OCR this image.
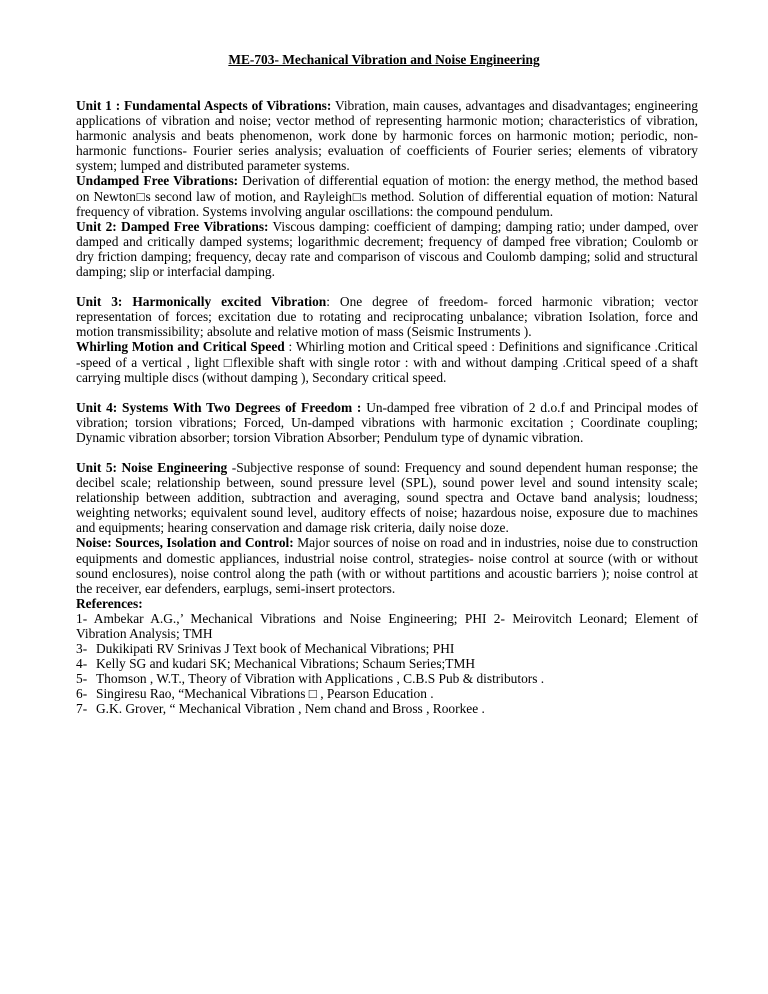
ME-703- Mechanical Vibration and Noise Engineering

Unit 1 : Fundamental Aspects of Vibrations: Vibration, main causes, advantages and disadvantages; engineering applications of vibration and noise; vector method of representing harmonic motion; characteristics of vibration, harmonic analysis and beats phenomenon, work done by harmonic forces on harmonic motion; periodic, non-harmonic functions- Fourier series analysis; evaluation of coefficients of Fourier series; elements of vibratory system; lumped and distributed parameter systems.

Undamped Free Vibrations: Derivation of differential equation of motion: the energy method, the method based on Newton□s second law of motion, and Rayleigh□s method. Solution of differential equation of motion: Natural frequency of vibration. Systems involving angular oscillations: the compound pendulum.

Unit 2: Damped Free Vibrations: Viscous damping: coefficient of damping; damping ratio; under damped, over damped and critically damped systems; logarithmic decrement; frequency of damped free vibration; Coulomb or dry friction damping; frequency, decay rate and comparison of viscous and Coulomb damping; solid and structural damping; slip or interfacial damping.

Unit 3: Harmonically excited Vibration: One degree of freedom- forced harmonic vibration; vector representation of forces; excitation due to rotating and reciprocating unbalance; vibration Isolation, force and motion transmissibility; absolute and relative motion of mass (Seismic Instruments ).

Whirling Motion and Critical Speed : Whirling motion and Critical speed : Definitions and significance .Critical -speed of a vertical , light □flexible shaft with single rotor : with and without damping .Critical speed of a shaft carrying multiple discs (without damping ), Secondary critical speed.

Unit 4: Systems With Two Degrees of Freedom : Un-damped free vibration of 2 d.o.f and Principal modes of vibration; torsion vibrations; Forced, Un-damped vibrations with harmonic excitation ; Coordinate coupling; Dynamic vibration absorber; torsion Vibration Absorber; Pendulum type of dynamic vibration.

Unit 5: Noise Engineering -Subjective response of sound: Frequency and sound dependent human response; the decibel scale; relationship between, sound pressure level (SPL), sound power level and sound intensity scale; relationship between addition, subtraction and averaging, sound spectra and Octave band analysis; loudness; weighting networks; equivalent sound level, auditory effects of noise; hazardous noise, exposure due to machines and equipments; hearing conservation and damage risk criteria, daily noise doze.

Noise: Sources, Isolation and Control: Major sources of noise on road and in industries, noise due to construction equipments and domestic appliances, industrial noise control, strategies- noise control at source (with or without sound enclosures), noise control along the path (with or without partitions and acoustic barriers ); noise control at the receiver, ear defenders, earplugs, semi-insert protectors.

References:

1- Ambekar A.G.,’ Mechanical Vibrations and Noise Engineering; PHI 2- Meirovitch Leonard; Element of Vibration Analysis; TMH

3- Dukikipati RV Srinivas J Text book of Mechanical Vibrations; PHI

4- Kelly SG and kudari SK; Mechanical Vibrations; Schaum Series;TMH

5- Thomson , W.T., Theory of Vibration with Applications , C.B.S Pub & distributors .

6- Singiresu Rao, “Mechanical Vibrations □ , Pearson Education .

7- G.K. Grover, “ Mechanical Vibration , Nem chand and Bross , Roorkee .
